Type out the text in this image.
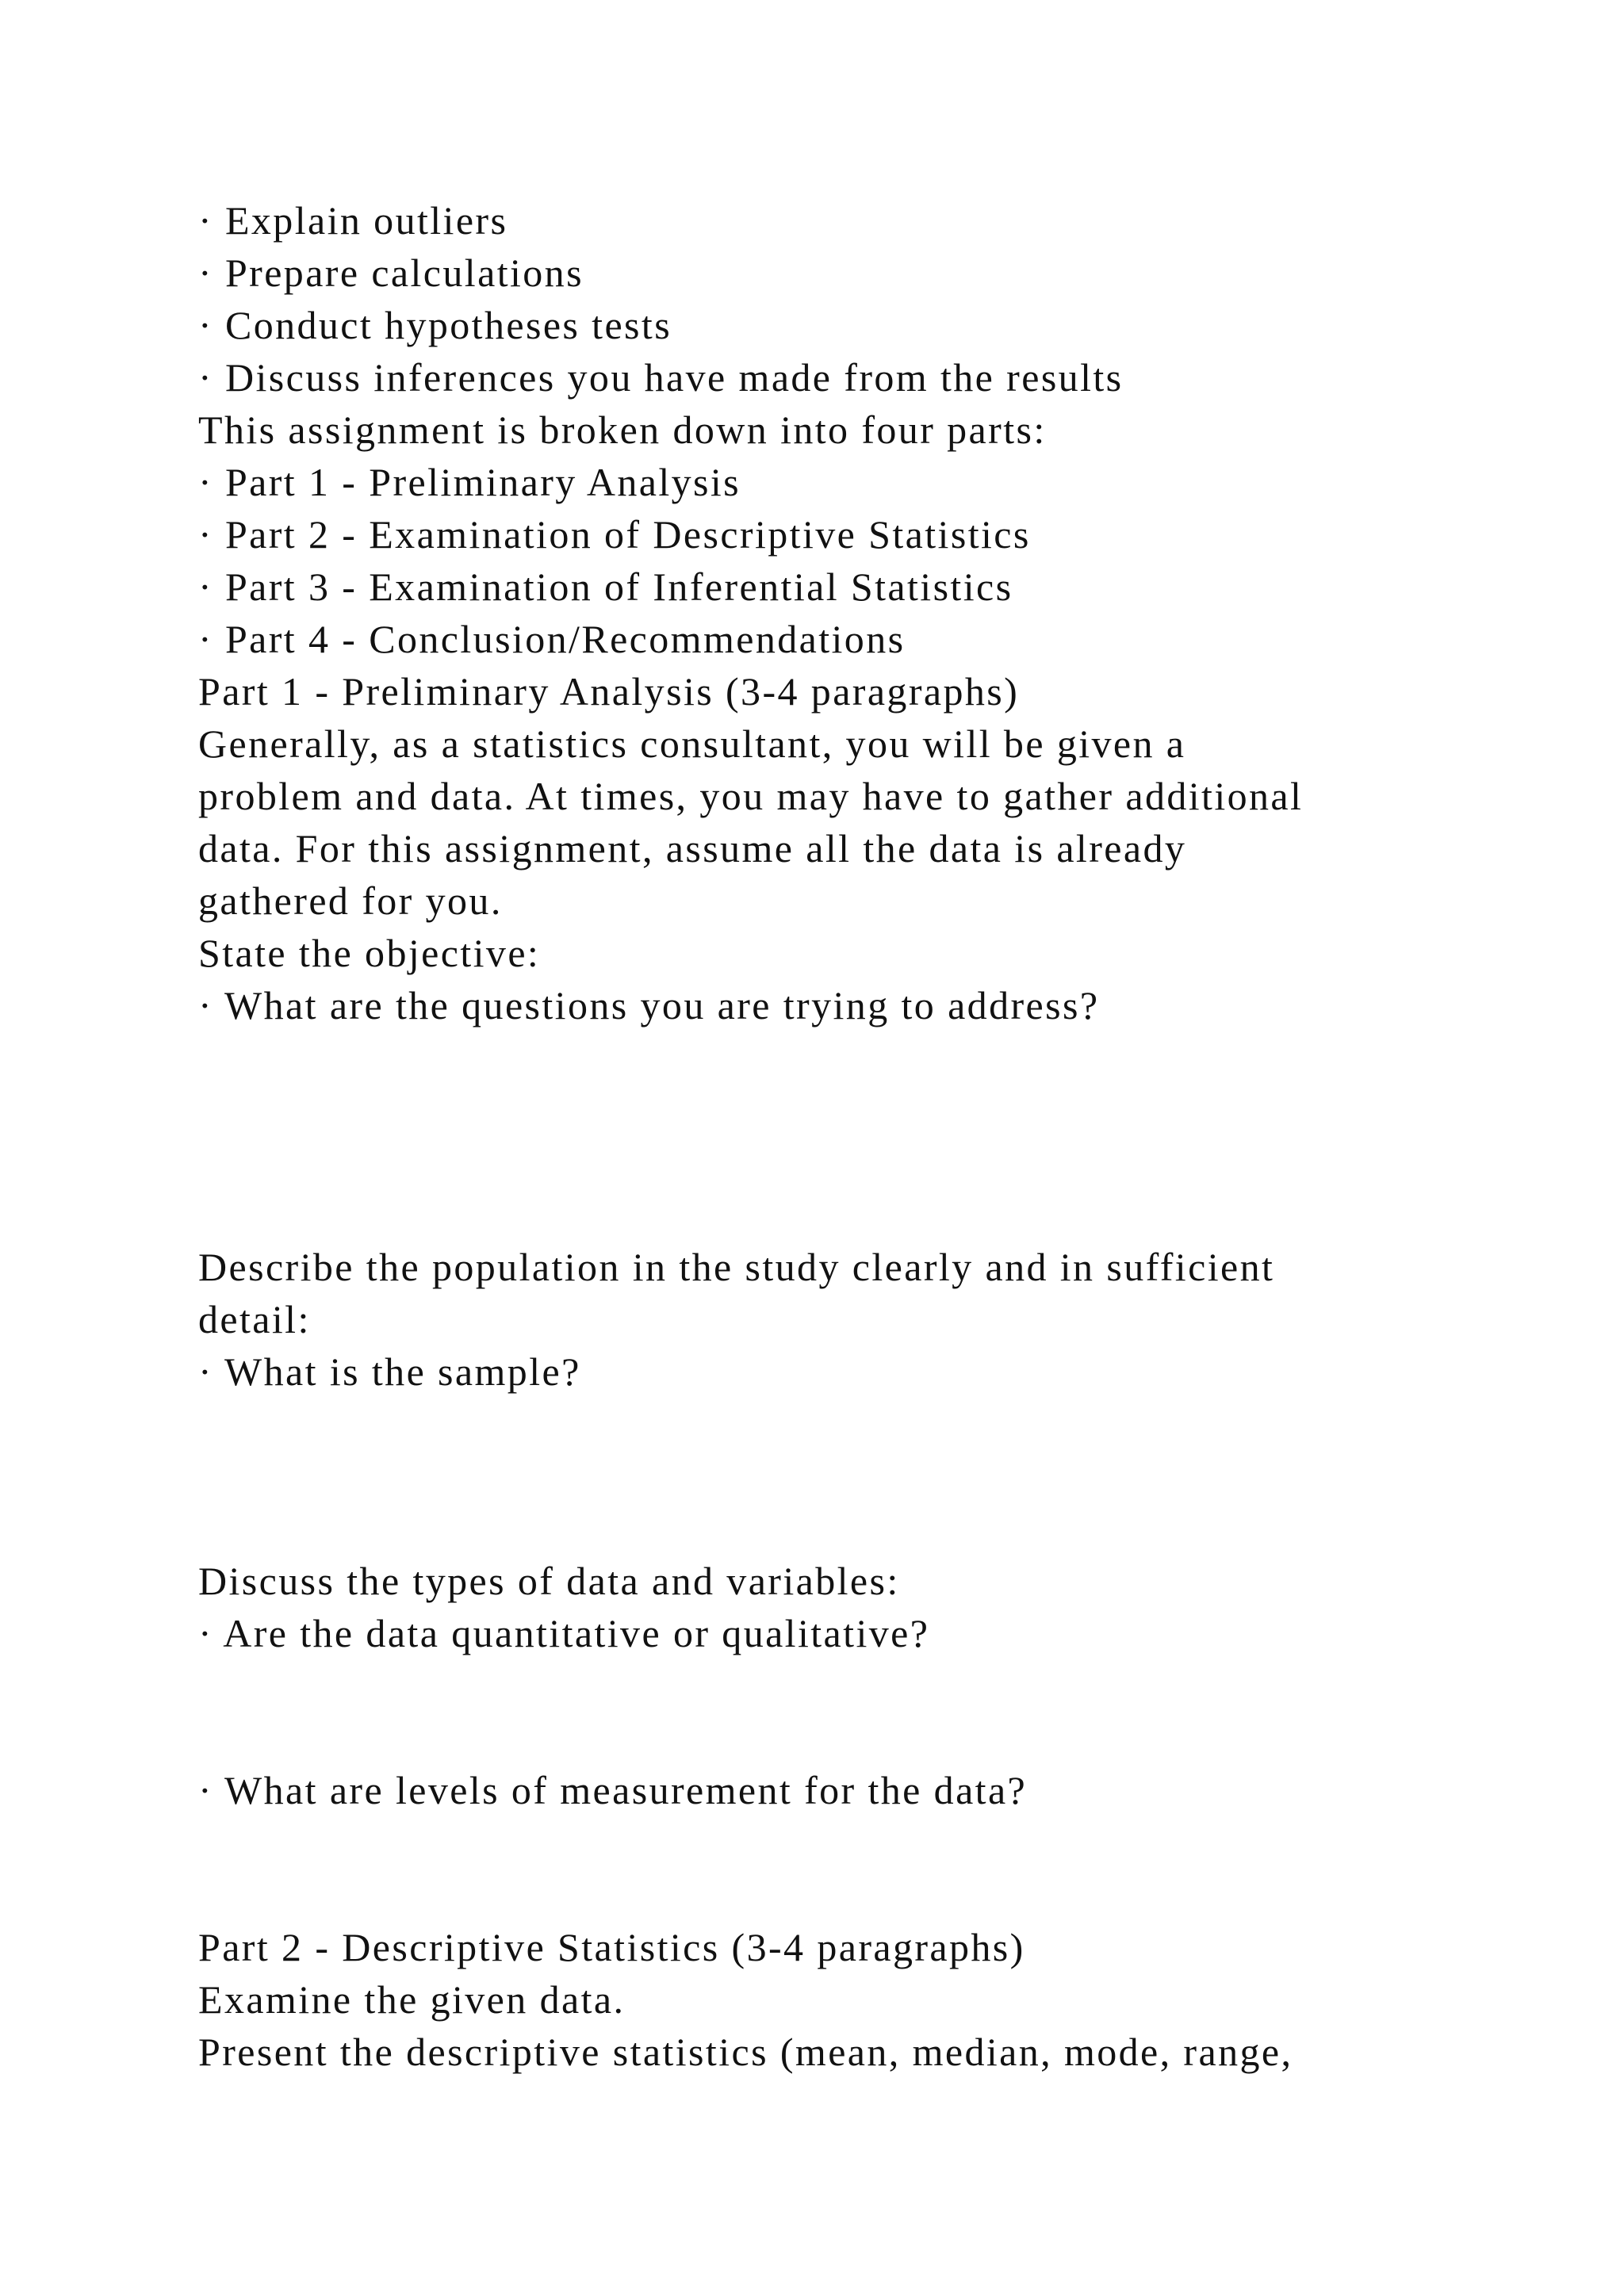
· Explain outliers
· Prepare calculations
· Conduct hypotheses tests
· Discuss inferences you have made from the results
This assignment is broken down into four parts:
· Part 1 - Preliminary Analysis
· Part 2 - Examination of Descriptive Statistics
· Part 3 - Examination of Inferential Statistics
· Part 4 - Conclusion/Recommendations
Part 1 - Preliminary Analysis (3-4 paragraphs)
Generally, as a statistics consultant, you will be given a
problem and data. At times, you may have to gather additional
data. For this assignment, assume all the data is already
gathered for you.
State the objective:
· What are the questions you are trying to address?
Describe the population in the study clearly and in sufficient
detail:
· What is the sample?
Discuss the types of data and variables:
· Are the data quantitative or qualitative?
· What are levels of measurement for the data?
Part 2 - Descriptive Statistics (3-4 paragraphs)
Examine the given data.
Present the descriptive statistics (mean, median, mode, range,
